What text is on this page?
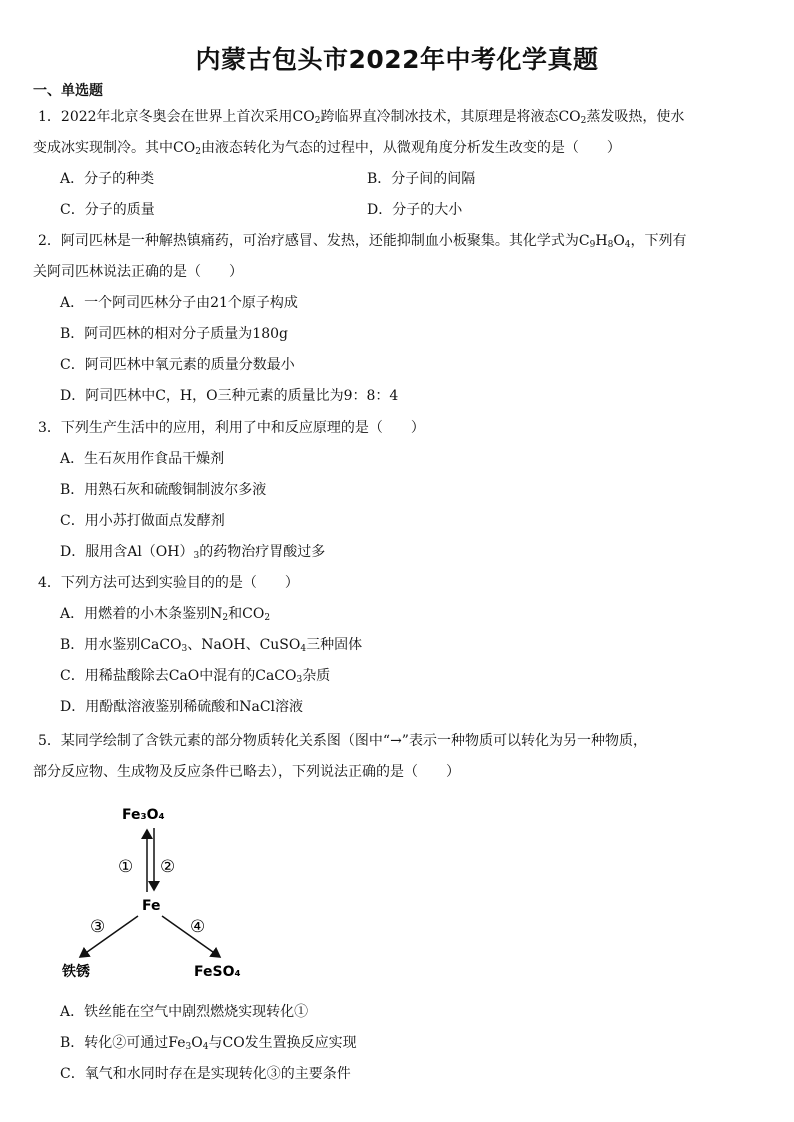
内蒙古包头市2022年中考化学真题
一、单选题
1．2022年北京冬奥会在世界上首次采用$CO_2$跨临界直冷制冰技术，其原理是将液态$CO_2$蒸发吸热，使水
变成冰实现制冷。其中$CO_2$由液态转化为气态的过程中，从微观角度分析发生改变的是（　　）
A．分子的种类	B．分子间的间隔
C．分子的质量	D．分子的大小
2．阿司匹林是一种解热镇痛药，可治疗感冒、发热，还能抑制血小板聚集。其化学式为$C_9H_8O_4$，下列有
关阿司匹林说法正确的是（　　）
A．一个阿司匹林分子由21个原子构成
B．阿司匹林的相对分子质量为180g
C．阿司匹林中氧元素的质量分数最小
D．阿司匹林中C，H，O三种元素的质量比为9：8：4
3．下列生产生活中的应用，利用了中和反应原理的是（　　）
A．生石灰用作食品干燥剂
B．用熟石灰和硫酸铜制波尔多液
C．用小苏打做面点发酵剂
D．服用含$Al(OH)_3$的药物治疗胃酸过多
4．下列方法可达到实验目的的是（　　）
A．用燃着的小木条鉴别$N_2$和$CO_2$
B．用水鉴别CaCO$_3$、NaOH、CuSO$_4$三种固体
C．用稀盐酸除去CaO中混有的CaCO$_3$杂质
D．用酚酞溶液鉴别稀硫酸和NaCl溶液
5．某同学绘制了含铁元素的部分物质转化关系图（图中“→”表示一种物质可以转化为另一种物质，
部分反应物、生成物及反应条件已略去），下列说法正确的是（　　）
Fe₃O₄
Fe
铁锈	FeSO₄
① ②
③	④
A．铁丝能在空气中剧烈燃烧实现转化①
B．转化②可通过$Fe_3O_4$与CO发生置换反应实现
C．氧气和水同时存在是实现转化③的主要条件
